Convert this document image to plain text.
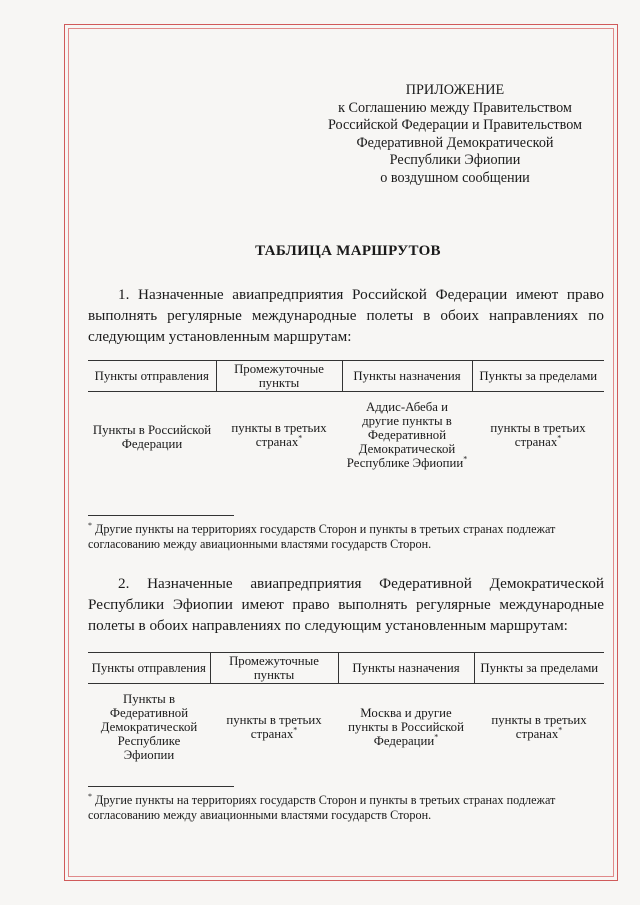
ПРИЛОЖЕНИЕ
к Соглашению между Правительством
Российской Федерации и Правительством
Федеративной Демократической
Республики Эфиопии
о воздушном сообщении
ТАБЛИЦА МАРШРУТОВ
1. Назначенные авиапредприятия Российской Федерации имеют право
выполнять регулярные международные полеты в обоих направлениях по
следующим установленным маршрутам:
Пункты отправления	Промежуточные пункты	Пункты назначения	Пункты за пределами
Пункты в Российской Федерации	пункты в третьих странах*	Аддис-Абеба и другие пункты в Федеративной Демократической Республике Эфиопии*	пункты в третьих странах*
* Другие пункты на территориях государств Сторон и пункты в третьих странах подлежат
согласованию между авиационными властями государств Сторон.
2. Назначенные авиапредприятия Федеративной Демократической
Республики Эфиопии имеют право выполнять регулярные международные
полеты в обоих направлениях по следующим установленным маршрутам:
Пункты отправления	Промежуточные пункты	Пункты назначения	Пункты за пределами
Пункты в Федеративной Демократической Республике Эфиопии	пункты в третьих странах*	Москва и другие пункты в Российской Федерации*	пункты в третьих странах*
* Другие пункты на территориях государств Сторон и пункты в третьих странах подлежат
согласованию между авиационными властями государств Сторон.
